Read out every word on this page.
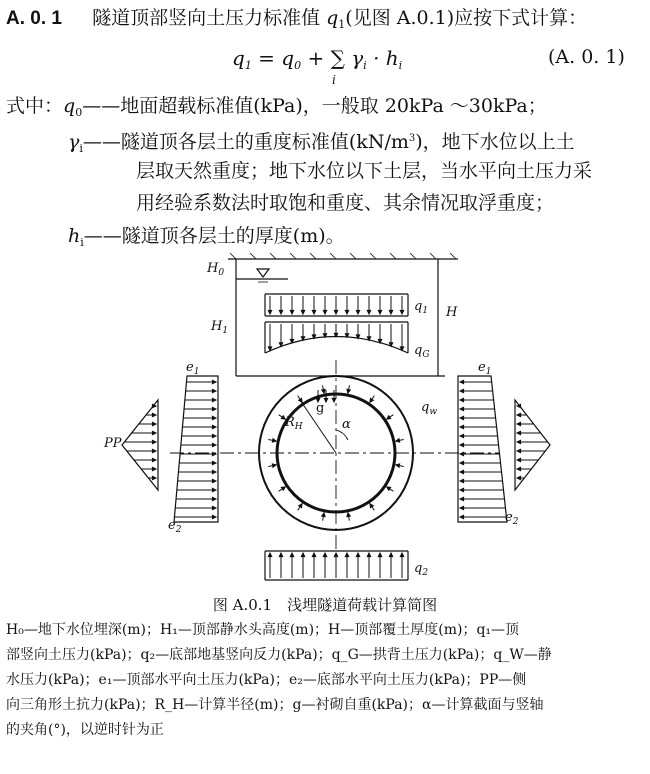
A. 0. 1 隧道顶部竖向土压力标准值 $q_1$(见图 A.0.1)应按下式计算：
$q_1 = q_0$ + ∑ $\gamma_i \cdot h_i$
i
(A. 0. 1)
式中：$q_0——$地面超载标准值(kPa)，一般取 20kPa ～30kPa；
$\gamma_i——$隧道顶各层土的重度标准值$(kN/m^3)$，地下水位以上土
层取天然重度；地下水位以下土层，当水平向土压力采
用经验系数法时取饱和重度、其余情况取浮重度；
$h_i——$隧道顶各层土的厚度(m)。
$H_0$
$H_1$
H
$q_1$
$q_G$
$e_1$	$e_1$
$e_2$
$e_2$
PP
$R_H$
g
α
$q_w$
$q_2$
图 A.0.1　浅埋隧道荷载计算简图

H₀—地下水位埋深(m)；H₁—顶部静水头高度(m)；H—顶部覆土厚度(m)；q₁—顶

部竖向土压力(kPa)；q₂—底部地基竖向反力(kPa)；q_G—拱背土压力(kPa)；q_W—静

水压力(kPa)；e₁—顶部水平向土压力(kPa)；e₂—底部水平向土压力(kPa)；PP—侧

向三角形土抗力(kPa)；R_H—计算半径(m)；g—衬砌自重(kPa)；α—计算截面与竖轴

的夹角(°)，以逆时针为正
